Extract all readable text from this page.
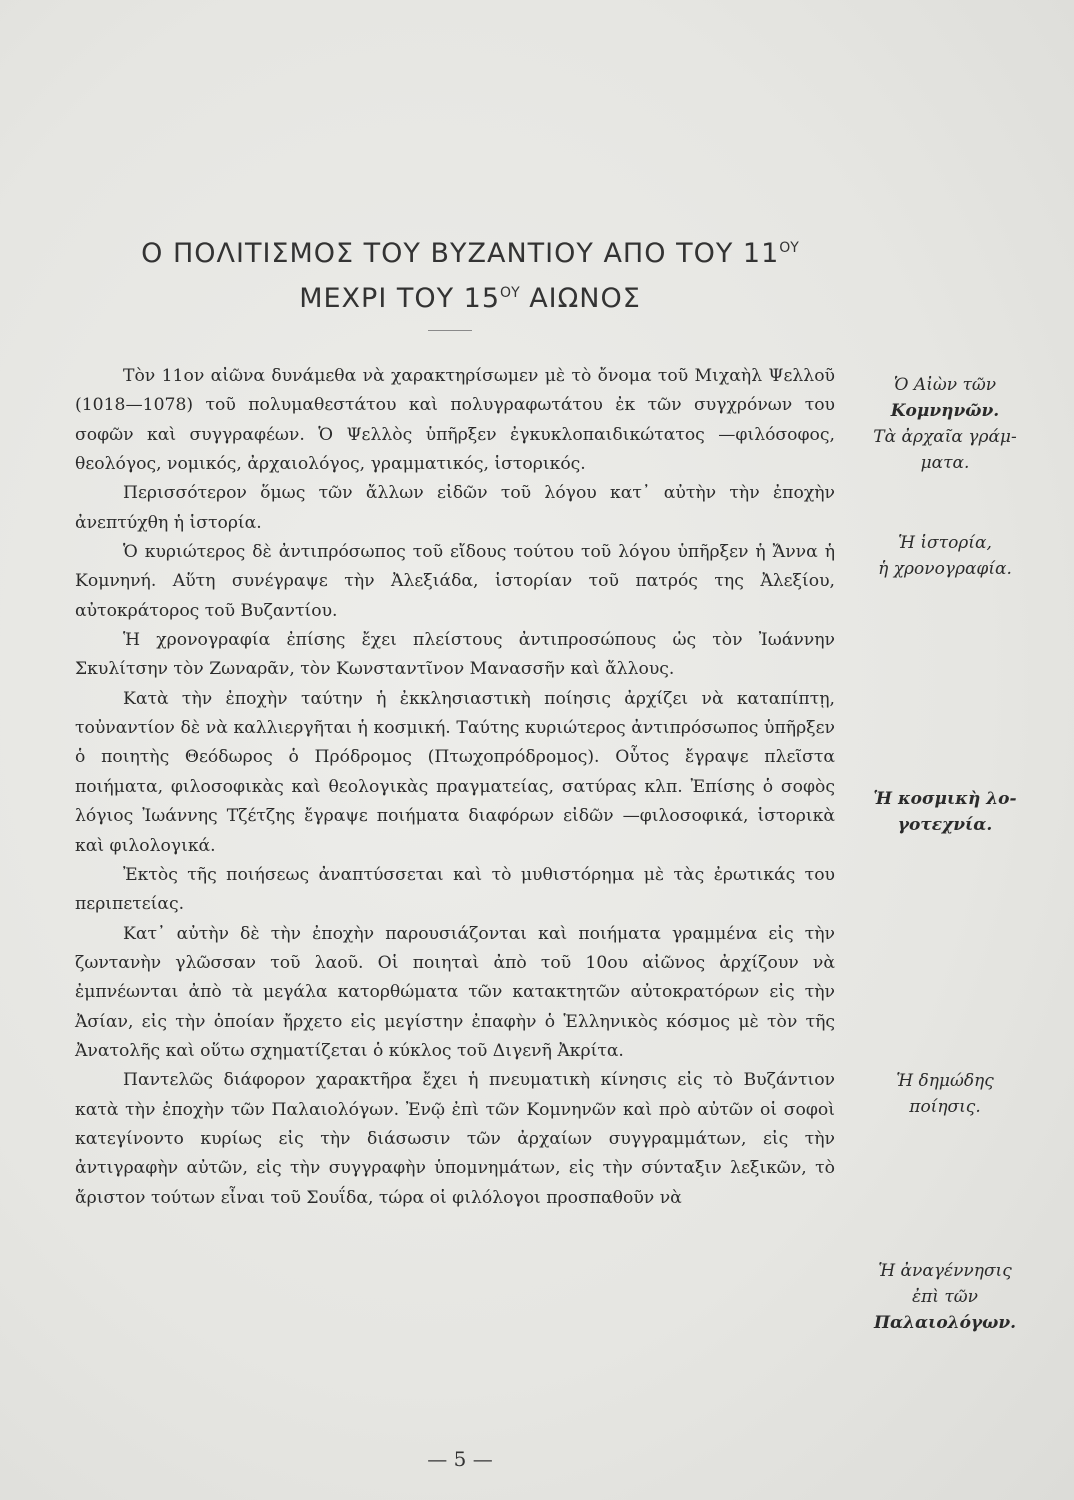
Ο ΠΟΛΙΤΙΣΜΟΣ ΤΟΥ ΒΥΖΑΝΤΙΟΥ ΑΠΟ ΤΟΥ $11^{O\Upsilon}$
ΜΕΧΡΙ ΤΟΥ $15^{O\Upsilon}$ ΑΙΩΝΟΣ

Τὸν 11ον αἰῶνα δυνάμεθα νὰ χαρακτηρίσωμεν μὲ τὸ ὄνομα τοῦ Μιχαὴλ Ψελλοῦ (1018—1078) τοῦ πολυμαθεστάτου καὶ πολυγραφωτάτου ἐκ τῶν συγχρόνων του σοφῶν καὶ συγγραφέων. Ὁ Ψελλὸς ὑπῆρξεν ἐγκυκλοπαιδικώτατος —φιλόσοφος, θεολόγος, νομικός, ἀρχαιολόγος, γραμματικός, ἱστορικός.

Περισσότερον ὅμως τῶν ἄλλων εἰδῶν τοῦ λόγου κατ᾽ αὐτὴν τὴν ἐποχὴν ἀνεπτύχθη ἡ ἱστορία.

Ὁ κυριώτερος δὲ ἀντιπρόσωπος τοῦ εἴδους τούτου τοῦ λόγου ὑπῆρξεν ἡ Ἄννα ἡ Κομνηνή. Αὕτη συνέγραψε τὴν Ἀλεξιάδα, ἱστορίαν τοῦ πατρός της Ἀλεξίου, αὐτοκράτορος τοῦ Βυζαντίου.

Ἡ χρονογραφία ἐπίσης ἔχει πλείστους ἀντιπροσώπους ὡς τὸν Ἰωάννην Σκυλίτσην τὸν Ζωναρᾶν, τὸν Κωνσταντῖνον Μανασσῆν καὶ ἄλλους.

Κατὰ τὴν ἐποχὴν ταύτην ἡ ἐκκλησιαστικὴ ποίησις ἀρχίζει νὰ καταπίπτῃ, τοὐναντίον δὲ νὰ καλλιεργῆται ἡ κοσμική. Ταύτης κυριώτερος ἀντιπρόσωπος ὑπῆρξεν ὁ ποιητὴς Θεόδωρος ὁ Πρόδρομος (Πτωχοπρόδρομος). Οὗτος ἔγραψε πλεῖστα ποιήματα, φιλοσοφικὰς καὶ θεολογικὰς πραγματείας, σατύρας κλπ. Ἐπίσης ὁ σοφὸς λόγιος Ἰωάννης Τζέτζης ἔγραψε ποιήματα διαφόρων εἰδῶν —φιλοσοφικά, ἱστορικὰ καὶ φιλολογικά.

Ἐκτὸς τῆς ποιήσεως ἀναπτύσσεται καὶ τὸ μυθιστόρημα μὲ τὰς ἐρωτικάς του περιπετείας.

Κατ᾽ αὐτὴν δὲ τὴν ἐποχὴν παρουσιάζονται καὶ ποιήματα γραμμένα εἰς τὴν ζωντανὴν γλῶσσαν τοῦ λαοῦ. Οἱ ποιηταὶ ἀπὸ τοῦ 10ου αἰῶνος ἀρχίζουν νὰ ἐμπνέωνται ἀπὸ τὰ μεγάλα κατορθώματα τῶν κατακτητῶν αὐτοκρατόρων εἰς τὴν Ἀσίαν, εἰς τὴν ὁποίαν ἤρχετο εἰς μεγίστην ἐπαφὴν ὁ Ἑλληνικὸς κόσμος μὲ τὸν τῆς Ἀνατολῆς καὶ οὕτω σχηματίζεται ὁ κύκλος τοῦ Διγενῆ Ἀκρίτα.

Παντελῶς διάφορον χαρακτῆρα ἔχει ἡ πνευματικὴ κίνησις εἰς τὸ Βυζάντιον κατὰ τὴν ἐποχὴν τῶν Παλαιολόγων. Ἐνῷ ἐπὶ τῶν Κομνηνῶν καὶ πρὸ αὐτῶν οἱ σοφοὶ κατεγίνοντο κυρίως εἰς τὴν διάσωσιν τῶν ἀρχαίων συγγραμμάτων, εἰς τὴν ἀντιγραφὴν αὐτῶν, εἰς τὴν συγγραφὴν ὑπομνημάτων, εἰς τὴν σύνταξιν λεξικῶν, τὸ ἄριστον τούτων εἶναι τοῦ Σουΐδα, τώρα οἱ φιλόλογοι προσπαθοῦν νὰ

Ὁ Αἰὼν τῶν
Κομνηνῶν.
Τὰ ἀρχαῖα γράμ-
ματα.
Ἡ ἱστορία,
ἡ χρονογραφία.
Ἡ κοσμικὴ λο-
γοτεχνία.
Ἡ δημώδης
ποίησις.
Ἡ ἀναγέννησις
ἐπὶ τῶν
Παλαιολόγων.
— 5 —
